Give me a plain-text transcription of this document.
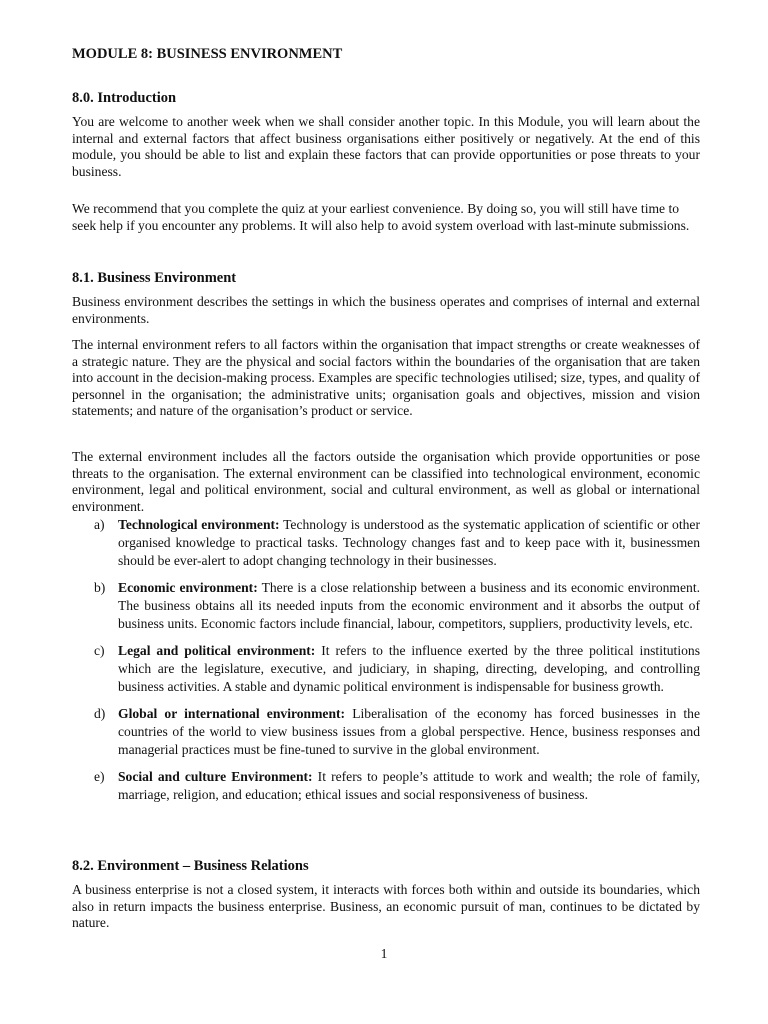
MODULE 8: BUSINESS ENVIRONMENT
8.0. Introduction

You are welcome to another week when we shall consider another topic. In this Module, you will learn about the internal and external factors that affect business organisations either positively or negatively. At the end of this module, you should be able to list and explain these factors that can provide opportunities or pose threats to your business.

We recommend that you complete the quiz at your earliest convenience. By doing so, you will still have time to seek help if you encounter any problems. It will also help to avoid system overload with last-minute submissions.

8.1. Business Environment

Business environment describes the settings in which the business operates and comprises of internal and external environments.

The internal environment refers to all factors within the organisation that impact strengths or create weaknesses of a strategic nature. They are the physical and social factors within the boundaries of the organisation that are taken into account in the decision-making process. Examples are specific technologies utilised; size, types, and quality of personnel in the organisation; the administrative units; organisation goals and objectives, mission and vision statements; and nature of the organisation’s product or service.

The external environment includes all the factors outside the organisation which provide opportunities or pose threats to the organisation. The external environment can be classified into technological environment, economic environment, legal and political environment, social and cultural environment, as well as global or international environment.

a) Technological environment: Technology is understood as the systematic application of scientific or other organised knowledge to practical tasks. Technology changes fast and to keep pace with it, businessmen should be ever-alert to adopt changing technology in their businesses.
b) Economic environment: There is a close relationship between a business and its economic environment. The business obtains all its needed inputs from the economic environment and it absorbs the output of business units. Economic factors include financial, labour, competitors, suppliers, productivity levels, etc.
c) Legal and political environment: It refers to the influence exerted by the three political institutions which are the legislature, executive, and judiciary, in shaping, directing, developing, and controlling business activities. A stable and dynamic political environment is indispensable for business growth.
d) Global or international environment: Liberalisation of the economy has forced businesses in the countries of the world to view business issues from a global perspective. Hence, business responses and managerial practices must be fine-tuned to survive in the global environment.
e) Social and culture Environment: It refers to people’s attitude to work and wealth; the role of family, marriage, religion, and education; ethical issues and social responsiveness of business.
8.2. Environment – Business Relations

A business enterprise is not a closed system, it interacts with forces both within and outside its boundaries, which also in return impacts the business enterprise. Business, an economic pursuit of man, continues to be dictated by nature.

1
